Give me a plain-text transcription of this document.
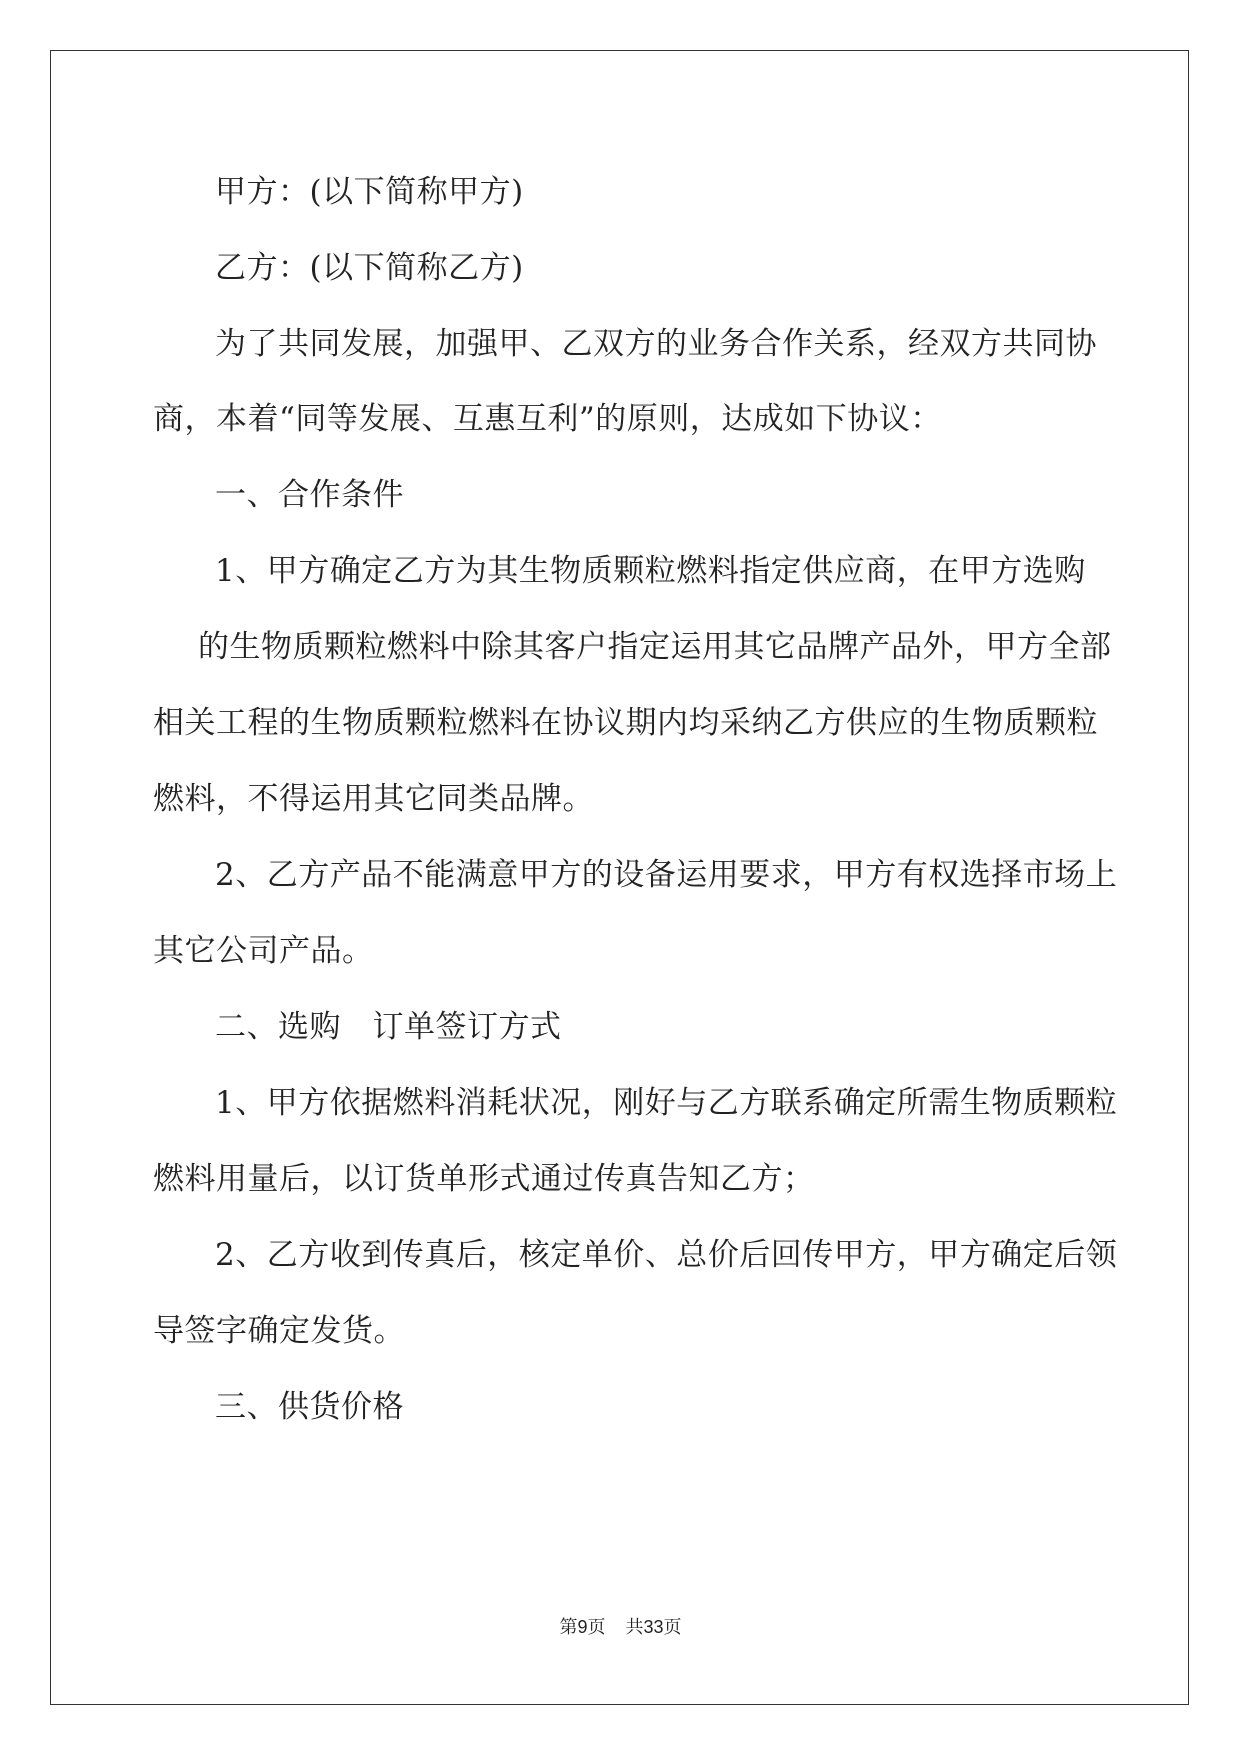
甲方：(以下简称甲方)
乙方：(以下简称乙方)
为了共同发展，加强甲、乙双方的业务合作关系，经双方共同协
商，本着“同等发展、互惠互利”的原则，达成如下协议：
一、合作条件
1、甲方确定乙方为其生物质颗粒燃料指定供应商，在甲方选购
的生物质颗粒燃料中除其客户指定运用其它品牌产品外，甲方全部
相关工程的生物质颗粒燃料在协议期内均采纳乙方供应的生物质颗粒
燃料，不得运用其它同类品牌。
2、乙方产品不能满意甲方的设备运用要求，甲方有权选择市场上
其它公司产品。
二、选购　订单签订方式
1、甲方依据燃料消耗状况，刚好与乙方联系确定所需生物质颗粒
燃料用量后，以订货单形式通过传真告知乙方；
2、乙方收到传真后，核定单价、总价后回传甲方，甲方确定后领
导签字确定发货。
三、供货价格
第9页 共33页
